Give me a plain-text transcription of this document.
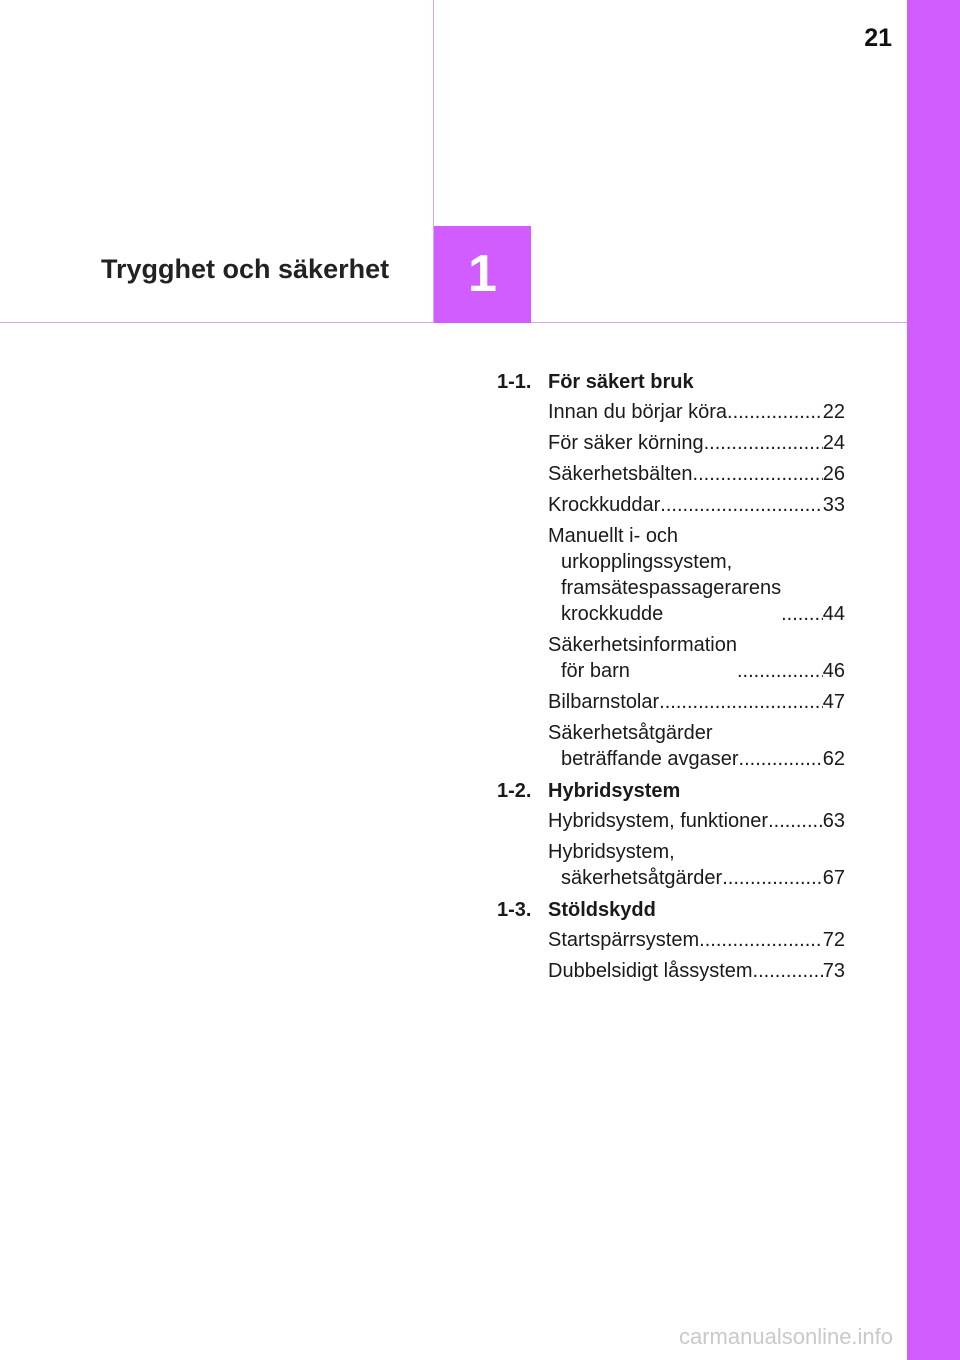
21
Trygghet och säkerhet	1
1-1. För säkert bruk
Innan du börjar köra .....	22
För säker körning .....	24
Säkerhetsbälten .....	26
Krockkuddar .....	33
Manuellt i- och
urkopplingssystem,
framsätespassagerarens
krockkudde .....	44
Säkerhetsinformation
för barn .....	46
Bilbarnstolar .....	47
Säkerhetsåtgärder
beträffande avgaser .....	62
1-2. Hybridsystem
Hybridsystem, funktioner .....	63
Hybridsystem,
säkerhetsåtgärder .....	67
1-3. Stöldskydd
Startspärrsystem .....	72
Dubbelsidigt låssystem .....	73
carmanualsonline.info
